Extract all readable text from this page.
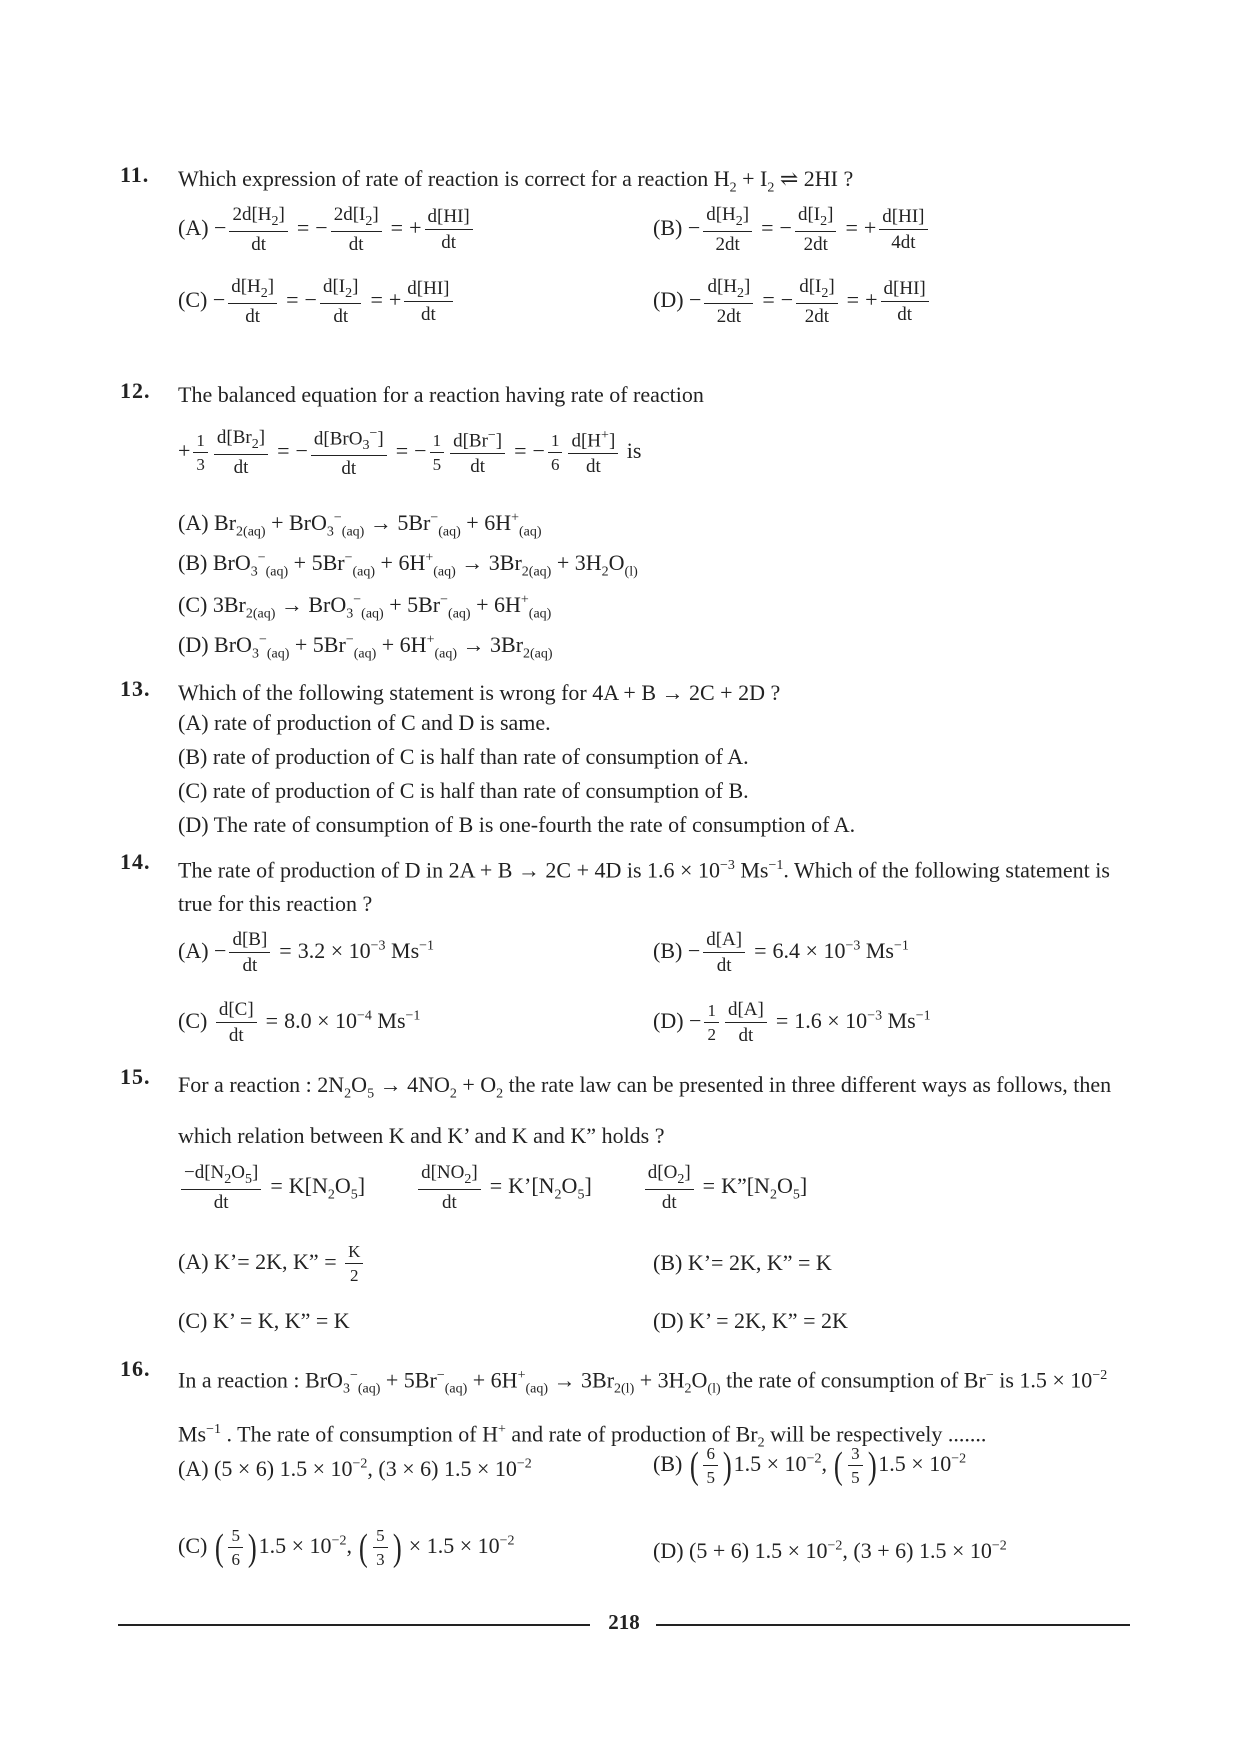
11. Which expression of rate of reaction is correct for a reaction $H_2 + I_2$ ⇌ 2HI ?
$(A) - \frac{2d[H_2]}{dt}$ = − $\frac{2d[I_2]}{dt}$ = + $\frac{d[HI]}{dt}$	$(B) - \frac{d[H_2]}{2dt}$ = − $\frac{d[I_2]}{2dt}$ = + $\frac{d[HI]}{4dt}$
$(C) - \frac{d[H_2]}{dt}$ = − $\frac{d[I_2]}{dt}$ = + $\frac{d[HI]}{dt}$	$(D) - \frac{d[H_2]}{2dt}$ = − $\frac{d[I_2]}{2dt}$ = + $\frac{d[HI]}{dt}$
12. The balanced equation for a reaction having rate of reaction
+ $\frac{1}{3} \frac{d[Br_2]}{dt}$ = − $\frac{d[BrO_3^-]}{dt}$ = − $\frac{1}{5} \frac{d[Br^-]}{dt}$ = − $\frac{1}{6} \frac{d[H^+]}{dt}$ is
(A) $Br_{2(aq)} + BrO_3^-_{(aq)} \to 5Br^-_{(aq)} + 6H^+_{(aq)}$
(B) $BrO_3^-_{(aq)} + 5Br^-_{(aq)} + 6H^+_{(aq)} \to 3Br_{2(aq)} + 3H_2O_{(l)}$
(C) $3Br_{2(aq)} \to BrO_3^-_{(aq)} + 5Br^-_{(aq)} + 6H^+_{(aq)}$
(D) $BrO_3^-_{(aq)} + 5Br^-_{(aq)} + 6H^+_{(aq)} \to 3Br_{2(aq)}$
13. Which of the following statement is wrong for 4A + B → 2C + 2D ?
(A) rate of production of C and D is same.
(B) rate of production of C is half than rate of consumption of A.
(C) rate of production of C is half than rate of consumption of B.
(D) The rate of consumption of B is one-fourth the rate of consumption of A.
14. The rate of production of D in 2A + B → 2C + 4D is $1.6 \times 10^{-3}$ $Ms^{-1}$. Which of the following statement is true for this reaction ?
$(A) - \frac{d[B]}{dt} = 3.2 \times 10^{-3}$ $Ms^{-1}$	$(B) - \frac{d[A]}{dt} = 6.4 \times 10^{-3}$ $Ms^{-1}$
$(C) \frac{d[C]}{dt} = 8.0 \times 10^{-4}$ $Ms^{-1}$	$(D) - \frac{1}{2} \frac{d[A]}{dt} = 1.6 \times 10^{-3}$ $Ms^{-1}$
15. For a reaction : $2N_2O_5 \to 4NO_2 + O_2$ the rate law can be presented in three different ways as follows, then which relation between K and K’ and K and K” holds ?
$\frac{-d[N_2O_5]}{dt} = K[N_2O_5]$	$\frac{d[NO_2]}{dt}$ = $K’[N_2O_5]$	$\frac{d[O_2]}{dt}$ = $K”[N_2O_5]$
(A) K’= 2K, K” = $\frac{K}{2}$	(B) K’= 2K, K” = K
(C) K’ = K, K” = K	(D) K’ = 2K, K” = 2K
16. In a reaction : $BrO_3^-_{(aq)} + 5Br^-_{(aq)} + 6H^+_{(aq)} \to 3Br_{2(l)} + 3H_2O_{(l)}$ the rate of consumption of Br− is $1.5 \times 10^{-2}$ $Ms^{-1}$ . The rate of consumption of H+ and rate of production of $Br_2$ will be respectively .......
(A) (5 × 6) $1.5 \times 10^{-2}$, (3 × 6) $1.5 \times 10^{-2}$	(B) ( $\frac{6}{5} )1.5 \times 10^{-2}$, ( $\frac{3}{5} )1.5 \times 10^{-2}$
(C) ( $\frac{5}{6} )1.5 \times 10^{-2}$, ( $\frac{5}{3}$ ) × $1.5 \times 10^{-2}$	(D) (5 + 6) $1.5 \times 10^{-2}$, (3 + 6) $1.5 \times 10^{-2}$
218
